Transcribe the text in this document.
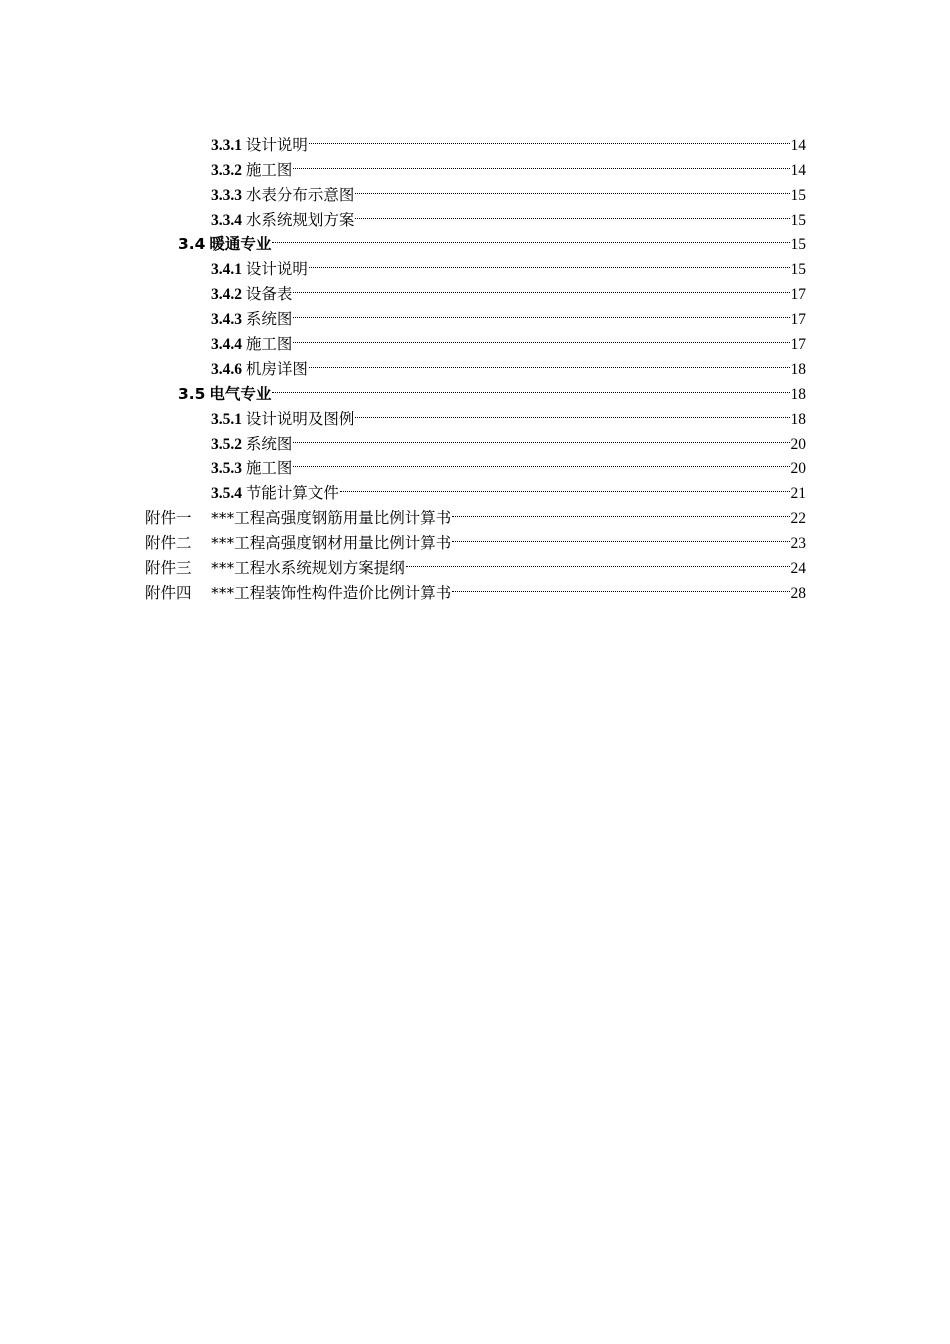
3.3.1 设计说明	14
3.3.2 施工图	14
3.3.3 水表分布示意图	15
3.3.4 水系统规划方案	15
3.4 暖通专业	15
3.4.1 设计说明	15
3.4.2 设备表	17
3.4.3 系统图	17
3.4.4 施工图	17
3.4.6 机房详图	18
3.5 电气专业	18
3.5.1 设计说明及图例	18
3.5.2 系统图	20
3.5.3 施工图	20
3.5.4 节能计算文件	21
附件一 ***工程高强度钢筋用量比例计算书	22
附件二 ***工程高强度钢材用量比例计算书	23
附件三 ***工程水系统规划方案提纲	24
附件四 ***工程装饰性构件造价比例计算书	28
